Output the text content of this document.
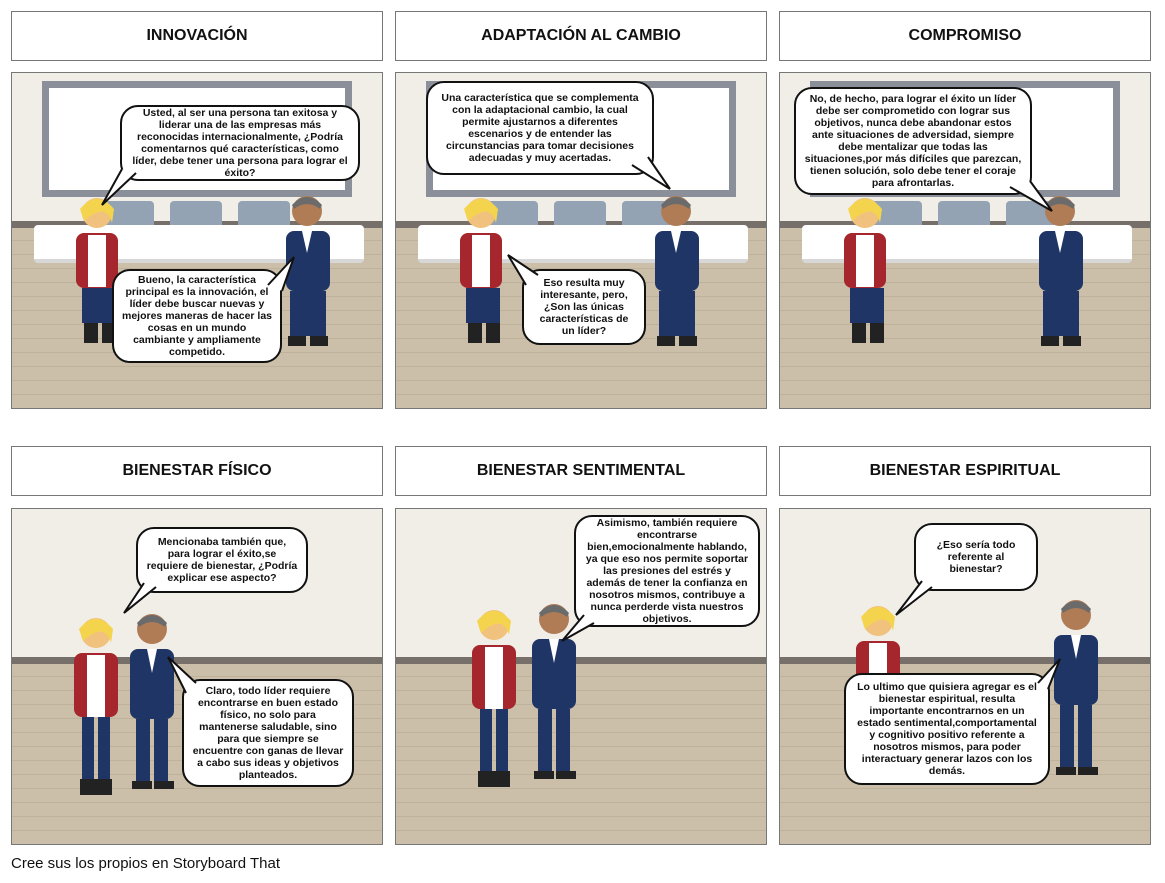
INNOVACIÓN	ADAPTACIÓN AL CAMBIO	COMPROMISO
BIENESTAR FÍSICO	BIENESTAR SENTIMENTAL	BIENESTAR ESPIRITUAL
Usted, al ser una persona tan exitosa y liderar una de las empresas más reconocidas internacionalmente, ¿Podría comentarnos qué características, como líder, debe tener una persona para lograr el éxito?
Bueno, la característica principal es la innovación, el líder debe buscar nuevas y mejores maneras de hacer las cosas en un mundo cambiante y ampliamente competido.
Una característica que se complementa con la adaptacional cambio, la cual permite ajustarnos a diferentes escenarios y de entender las circunstancias para tomar decisiones adecuadas y muy acertadas.
Eso resulta muy interesante, pero, ¿Son las únicas características de un líder?
No, de hecho, para lograr el éxito un líder debe ser comprometido con lograr sus objetivos, nunca debe abandonar estos ante situaciones de adversidad, siempre debe mentalizar que todas las situaciones,por más difíciles que parezcan, tienen solución, solo debe tener el coraje para afrontarlas.
Mencionaba también que, para lograr el éxito,se requiere de bienestar, ¿Podría explicar ese aspecto?
Claro, todo líder requiere encontrarse en buen estado físico, no solo para mantenerse saludable, sino para que siempre se encuentre con ganas de llevar a cabo sus ideas y objetivos planteados.
Asimismo, también requiere encontrarse bien,emocionalmente hablando, ya que eso nos permite soportar las presiones del estrés y además de tener la confianza en nosotros mismos, contribuye a nunca perderde vista nuestros objetivos.
¿Eso sería todo referente al bienestar?
Lo ultimo que quisiera agregar es el bienestar espiritual, resulta importante encontrarnos en un estado sentimental,comportamental y cognitivo positivo referente a nosotros mismos, para poder interactuary generar lazos con los demás.
Cree sus los propios en Storyboard That
